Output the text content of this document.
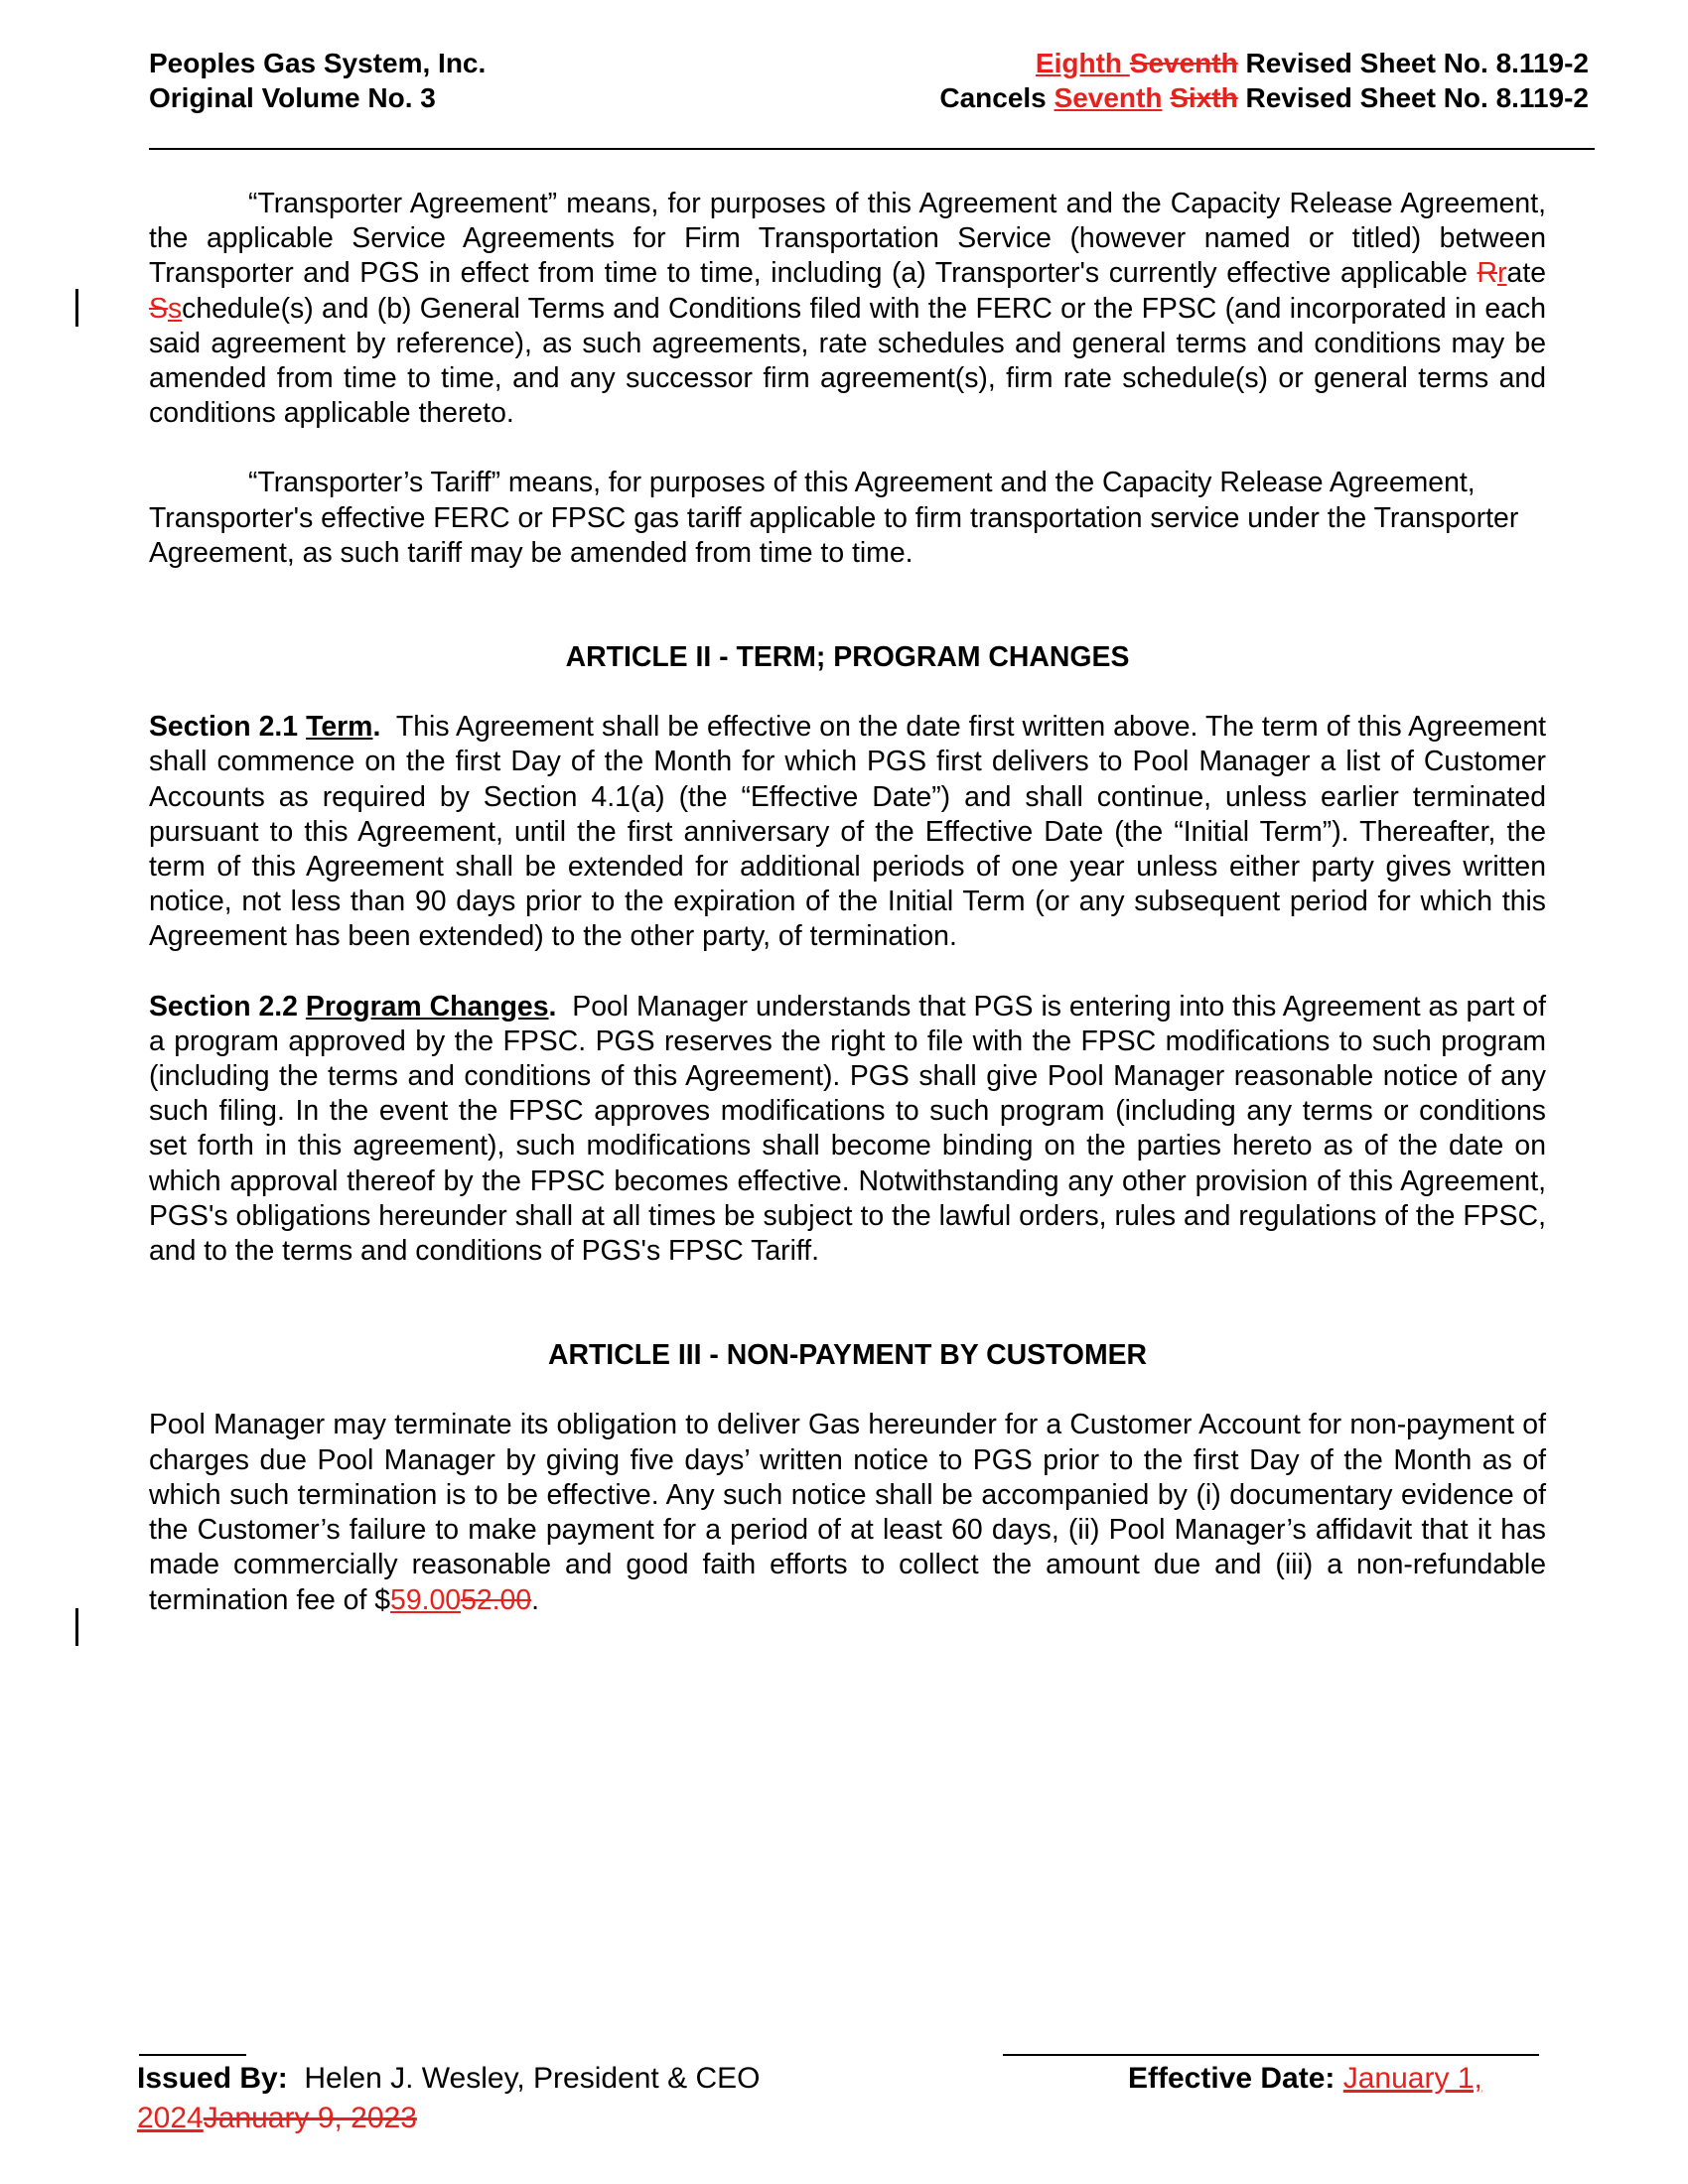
Peoples Gas System, Inc.
Original Volume No. 3
Eighth Seventh Revised Sheet No. 8.119-2
Cancels Seventh Sixth Revised Sheet No. 8.119-2

“Transporter Agreement” means, for purposes of this Agreement and the Capacity Release Agreement, the applicable Service Agreements for Firm Transportation Service (however named or titled) between Transporter and PGS in effect from time to time, including (a) Transporter's currently effective applicable Rrate Sschedule(s) and (b) General Terms and Conditions filed with the FERC or the FPSC (and incorporated in each said agreement by reference), as such agreements, rate schedules and general terms and conditions may be amended from time to time, and any successor firm agreement(s), firm rate schedule(s) or general terms and conditions applicable thereto.

“Transporter’s Tariff” means, for purposes of this Agreement and the Capacity Release Agreement, Transporter's effective FERC or FPSC gas tariff applicable to firm transportation service under the Transporter Agreement, as such tariff may be amended from time to time.

ARTICLE II - TERM; PROGRAM CHANGES

Section 2.1 Term. This Agreement shall be effective on the date first written above. The term of this Agreement shall commence on the first Day of the Month for which PGS first delivers to Pool Manager a list of Customer Accounts as required by Section 4.1(a) (the “Effective Date”) and shall continue, unless earlier terminated pursuant to this Agreement, until the first anniversary of the Effective Date (the “Initial Term”). Thereafter, the term of this Agreement shall be extended for additional periods of one year unless either party gives written notice, not less than 90 days prior to the expiration of the Initial Term (or any subsequent period for which this Agreement has been extended) to the other party, of termination.

Section 2.2 Program Changes. Pool Manager understands that PGS is entering into this Agreement as part of a program approved by the FPSC. PGS reserves the right to file with the FPSC modifications to such program (including the terms and conditions of this Agreement). PGS shall give Pool Manager reasonable notice of any such filing. In the event the FPSC approves modifications to such program (including any terms or conditions set forth in this agreement), such modifications shall become binding on the parties hereto as of the date on which approval thereof by the FPSC becomes effective. Notwithstanding any other provision of this Agreement, PGS's obligations hereunder shall at all times be subject to the lawful orders, rules and regulations of the FPSC, and to the terms and conditions of PGS's FPSC Tariff.

ARTICLE III - NON-PAYMENT BY CUSTOMER

Pool Manager may terminate its obligation to deliver Gas hereunder for a Customer Account for non-payment of charges due Pool Manager by giving five days’ written notice to PGS prior to the first Day of the Month as of which such termination is to be effective. Any such notice shall be accompanied by (i) documentary evidence of the Customer’s failure to make payment for a period of at least 60 days, (ii) Pool Manager’s affidavit that it has made commercially reasonable and good faith efforts to collect the amount due and (iii) a non-refundable termination fee of $59.0052.00.

Issued By:  Helen J. Wesley, President & CEO	Effective Date: January 1,
2024January 9, 2023
